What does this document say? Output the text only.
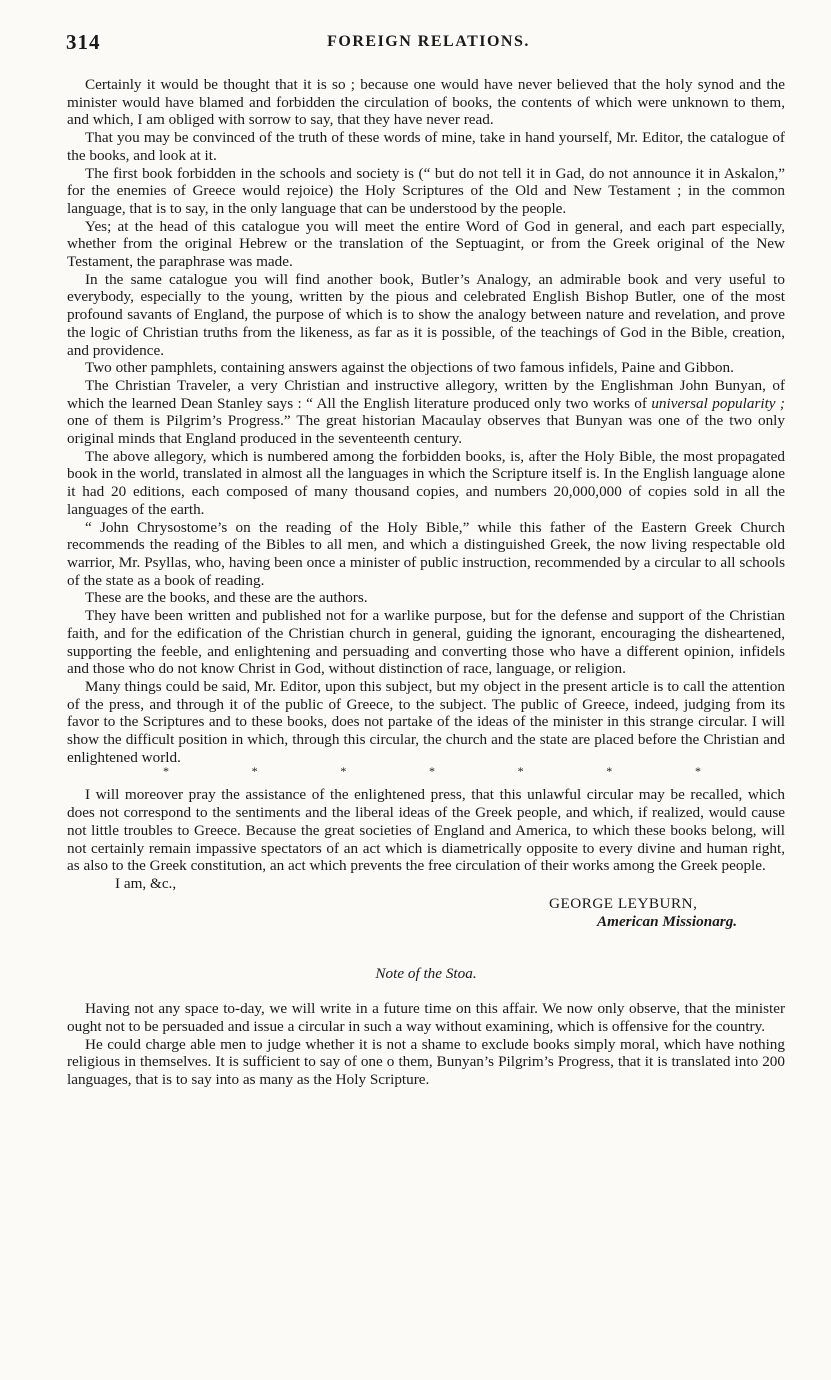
314	FOREIGN RELATIONS.

Certainly it would be thought that it is so ; because one would have never believed that the holy synod and the minister would have blamed and forbidden the circulation of books, the contents of which were unknown to them, and which, I am obliged with sorrow to say, that they have never read.

That you may be convinced of the truth of these words of mine, take in hand yourself, Mr. Editor, the catalogue of the books, and look at it.

The first book forbidden in the schools and society is (“ but do not tell it in Gad, do not announce it in Askalon,” for the enemies of Greece would rejoice) the Holy Scriptures of the Old and New Testament ; in the common language, that is to say, in the only language that can be understood by the people.

Yes; at the head of this catalogue you will meet the entire Word of God in general, and each part especially, whether from the original Hebrew or the translation of the Septuagint, or from the Greek original of the New Testament, the paraphrase was made.

In the same catalogue you will find another book, Butler’s Analogy, an admirable book and very useful to everybody, especially to the young, written by the pious and celebrated English Bishop Butler, one of the most profound savants of England, the purpose of which is to show the analogy between nature and revelation, and prove the logic of Christian truths from the likeness, as far as it is possible, of the teachings of God in the Bible, creation, and providence.

Two other pamphlets, containing answers against the objections of two famous infidels, Paine and Gibbon.

The Christian Traveler, a very Christian and instructive allegory, written by the Englishman John Bunyan, of which the learned Dean Stanley says : “ All the English literature produced only two works of universal popularity ; one of them is Pilgrim’s Progress.” The great historian Macaulay observes that Bunyan was one of the two only original minds that England produced in the seventeenth century.

The above allegory, which is numbered among the forbidden books, is, after the Holy Bible, the most propagated book in the world, translated in almost all the languages in which the Scripture itself is. In the English language alone it had 20 editions, each composed of many thousand copies, and numbers 20,000,000 of copies sold in all the languages of the earth.

“ John Chrysostome’s on the reading of the Holy Bible,” while this father of the Eastern Greek Church recommends the reading of the Bibles to all men, and which a distinguished Greek, the now living respectable old warrior, Mr. Psyllas, who, having been once a minister of public instruction, recommended by a circular to all schools of the state as a book of reading.

These are the books, and these are the authors.

They have been written and published not for a warlike purpose, but for the defense and support of the Christian faith, and for the edification of the Christian church in general, guiding the ignorant, encouraging the disheartened, supporting the feeble, and enlightening and persuading and converting those who have a different opinion, infidels and those who do not know Christ in God, without distinction of race, language, or religion.

Many things could be said, Mr. Editor, upon this subject, but my object in the present article is to call the attention of the press, and through it of the public of Greece, to the subject. The public of Greece, indeed, judging from its favor to the Scriptures and to these books, does not partake of the ideas of the minister in this strange circular. I will show the difficult position in which, through this circular, the church and the state are placed before the Christian and enlightened world.

*	*	*	*	*	*	*

I will moreover pray the assistance of the enlightened press, that this unlawful circular may be recalled, which does not correspond to the sentiments and the liberal ideas of the Greek people, and which, if realized, would cause not little troubles to Greece. Because the great societies of England and America, to which these books belong, will not certainly remain impassive spectators of an act which is diametrically opposite to every divine and human right, as also to the Greek constitution, an act which prevents the free circulation of their works among the Greek people.

I am, &c.,
GEORGE LEYBURN,
American Missionarg.
Note of the Stoa.

Having not any space to-day, we will write in a future time on this affair. We now only observe, that the minister ought not to be persuaded and issue a circular in such a way without examining, which is offensive for the country.

He could charge able men to judge whether it is not a shame to exclude books simply moral, which have nothing religious in themselves. It is sufficient to say of one o them, Bunyan’s Pilgrim’s Progress, that it is translated into 200 languages, that is to say into as many as the Holy Scripture.
